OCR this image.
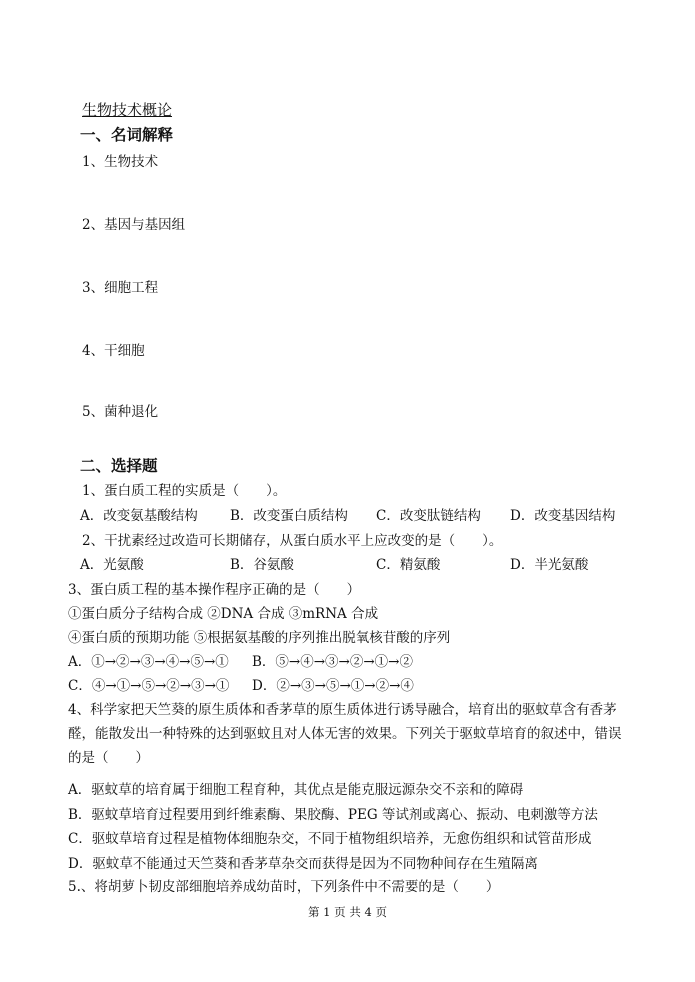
生物技术概论
一、名词解释
1、生物技术
2、基因与基因组
3、细胞工程
4、干细胞
5、菌种退化
二、选择题
1、蛋白质工程的实质是（　　）。
A．改变氨基酸结构 B．改变蛋白质结构 C．改变肽链结构 D．改变基因结构
2、干扰素经过改造可长期储存，从蛋白质水平上应改变的是（　　）。
A．光氨酸	B．谷氨酸	C．精氨酸	D．半光氨酸
3、蛋白质工程的基本操作程序正确的是（　　）
①蛋白质分子结构合成 ②DNA 合成 ③mRNA 合成
④蛋白质的预期功能 ⑤根据氨基酸的序列推出脱氧核苷酸的序列
A．①→②→③→④→⑤→① B．⑤→④→③→②→①→②
C．④→①→⑤→②→③→① D．②→③→⑤→①→②→④
4、科学家把天竺葵的原生质体和香茅草的原生质体进行诱导融合，培育出的驱蚊草含有香茅
醛，能散发出一种特殊的达到驱蚊且对人体无害的效果。下列关于驱蚊草培育的叙述中，错误
的是（　　）
A．驱蚊草的培育属于细胞工程育种，其优点是能克服远源杂交不亲和的障碍
B．驱蚊草培育过程要用到纤维素酶、果胶酶、PEG 等试剂或离心、振动、电刺激等方法
C．驱蚊草培育过程是植物体细胞杂交，不同于植物组织培养，无愈伤组织和试管苗形成
D．驱蚊草不能通过天竺葵和香茅草杂交而获得是因为不同物种间存在生殖隔离
5.、将胡萝卜韧皮部细胞培养成幼苗时，下列条件中不需要的是（　　）
第 1 页 共 4 页
